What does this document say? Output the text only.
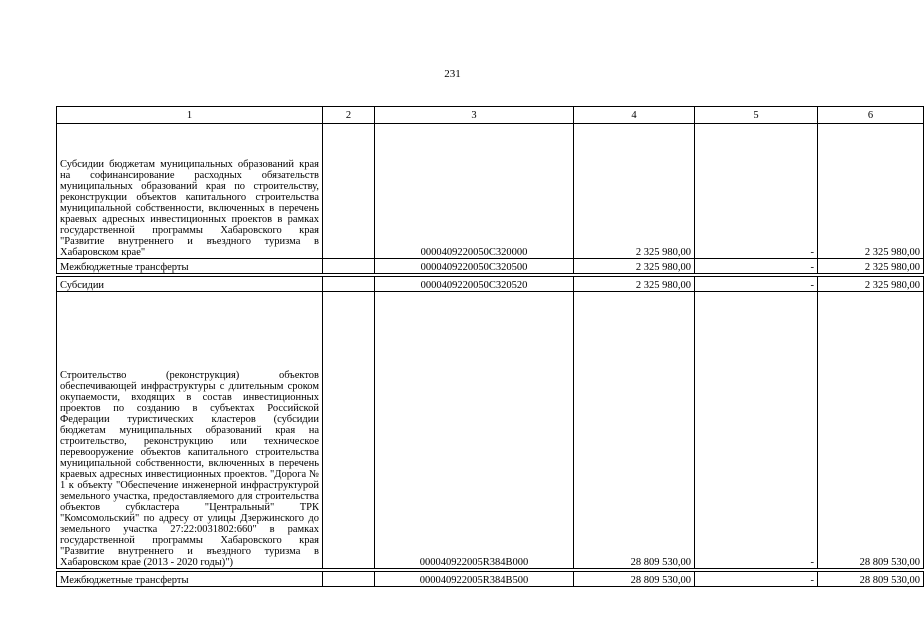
231
1	2	3	4	5	6
Субсидии бюджетам муниципальных образований края на софинансирование расходных обязательств муниципальных образований края по строительству, реконструкции объектов капитального строительства муниципальной собственности, включенных в перечень краевых адресных инвестиционных проектов в рамках государственной программы Хабаровского края "Развитие внутреннего и въездного туризма в Хабаровском крае"		0000409220050С320000	2 325 980,00	-	2 325 980,00
Межбюджетные трансферты		0000409220050С320500	2 325 980,00	-	2 325 980,00

Субсидии		0000409220050С320520	2 325 980,00	-	2 325 980,00
Строительство (реконструкция) объектов обеспечивающей инфраструктуры с длительным сроком окупаемости, входящих в состав инвестиционных проектов по созданию в субъектах Российской Федерации туристических кластеров (субсидии бюджетам муниципальных образований края на строительство, реконструкцию или техническое перевооружение объектов капитального строительства муниципальной собственности, включенных в перечень краевых адресных инвестиционных проектов. "Дорога № 1 к объекту "Обеспечение инженерной инфраструктурой земельного участка, предоставляемого для строительства объектов субкластера "Центральный" ТРК "Комсомольский" по адресу от улицы Дзержинского до земельного участка 27:22:0031802:660" в рамках государственной программы Хабаровского края "Развитие внутреннего и въездного туризма в Хабаровском крае (2013 - 2020 годы)")		000040922005R384B000	28 809 530,00	-	28 809 530,00

Межбюджетные трансферты		000040922005R384B500	28 809 530,00	-	28 809 530,00
